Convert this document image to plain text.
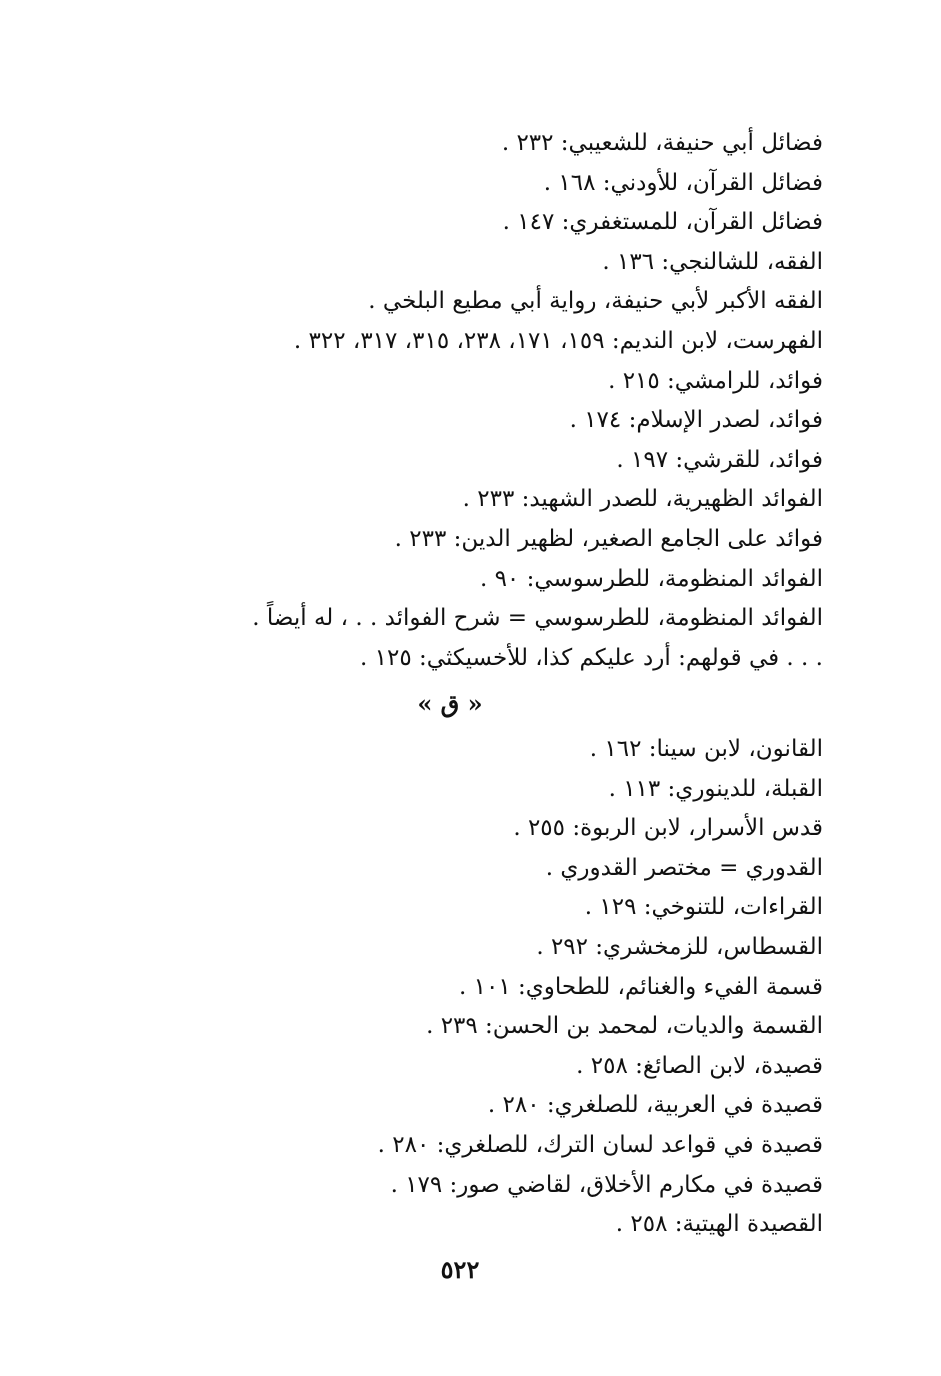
فضائل أبي حنيفة، للشعيبي: ٢٣٢ .
فضائل القرآن، للأودني: ١٦٨ .
فضائل القرآن، للمستغفري: ١٤٧ .
الفقه، للشالنجي: ١٣٦ .
الفقه الأكبر لأبي حنيفة، رواية أبي مطيع البلخي .
الفهرست، لابن النديم: ١٥٩، ١٧١، ٢٣٨، ٣١٥، ٣١٧، ٣٢٢ .
فوائد، للرامشي: ٢١٥ .
فوائد، لصدر الإسلام: ١٧٤ .
فوائد، للقرشي: ١٩٧ .
الفوائد الظهيرية، للصدر الشهيد: ٢٣٣ .
فوائد على الجامع الصغير، لظهير الدين: ٢٣٣ .
الفوائد المنظومة، للطرسوسي: ٩٠ .
الفوائد المنظومة، للطرسوسي = شرح الفوائد . . ، له أيضاً .
. . . في قولهم: أرد عليكم كذا، للأخسيكثي: ١٢٥ .
« ق »
القانون، لابن سينا: ١٦٢ .
القبلة، للدينوري: ١١٣ .
قدس الأسرار، لابن الربوة: ٢٥٥ .
القدوري = مختصر القدوري .
القراءات، للتنوخي: ١٢٩ .
القسطاس، للزمخشري: ٢٩٢ .
قسمة الفيء والغنائم، للطحاوي: ١٠١ .
القسمة والديات، لمحمد بن الحسن: ٢٣٩ .
قصيدة، لابن الصائغ: ٢٥٨ .
قصيدة في العربية، للصلغري: ٢٨٠ .
قصيدة في قواعد لسان الترك، للصلغري: ٢٨٠ .
قصيدة في مكارم الأخلاق، لقاضي صور: ١٧٩ .
القصيدة الهيتية: ٢٥٨ .
٥٢٢
